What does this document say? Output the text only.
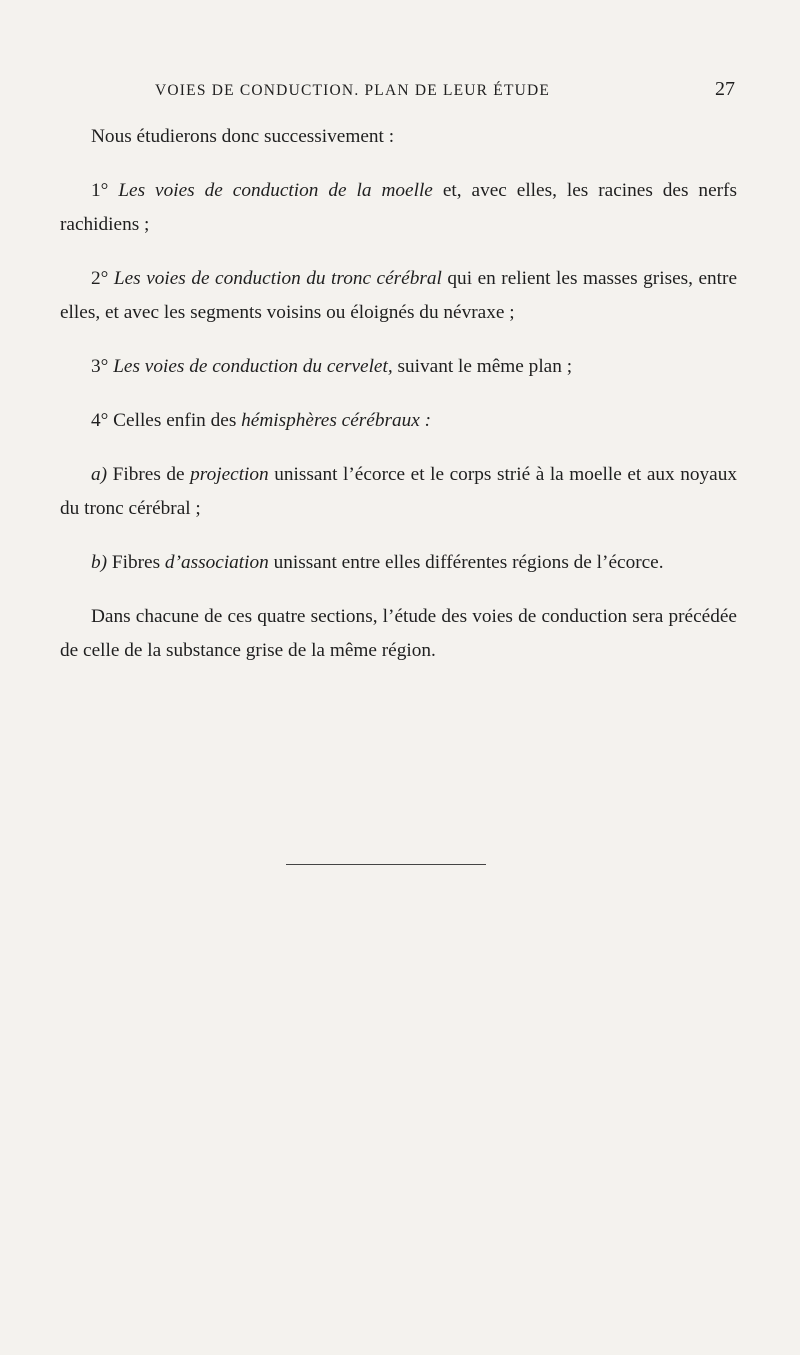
VOIES DE CONDUCTION. PLAN DE LEUR ÉTUDE	27

Nous étudierons donc successivement :

1° Les voies de conduction de la moelle et, avec elles, les racines des nerfs rachidiens ;

2° Les voies de conduction du tronc cérébral qui en relient les masses grises, entre elles, et avec les segments voisins ou éloignés du névraxe ;

3° Les voies de conduction du cervelet, suivant le même plan ;

4° Celles enfin des hémisphères cérébraux :

a) Fibres de projection unissant l’écorce et le corps strié à la moelle et aux noyaux du tronc cérébral ;

b) Fibres d’association unissant entre elles différentes régions de l’écorce.

Dans chacune de ces quatre sections, l’étude des voies de conduction sera précédée de celle de la substance grise de la même région.
